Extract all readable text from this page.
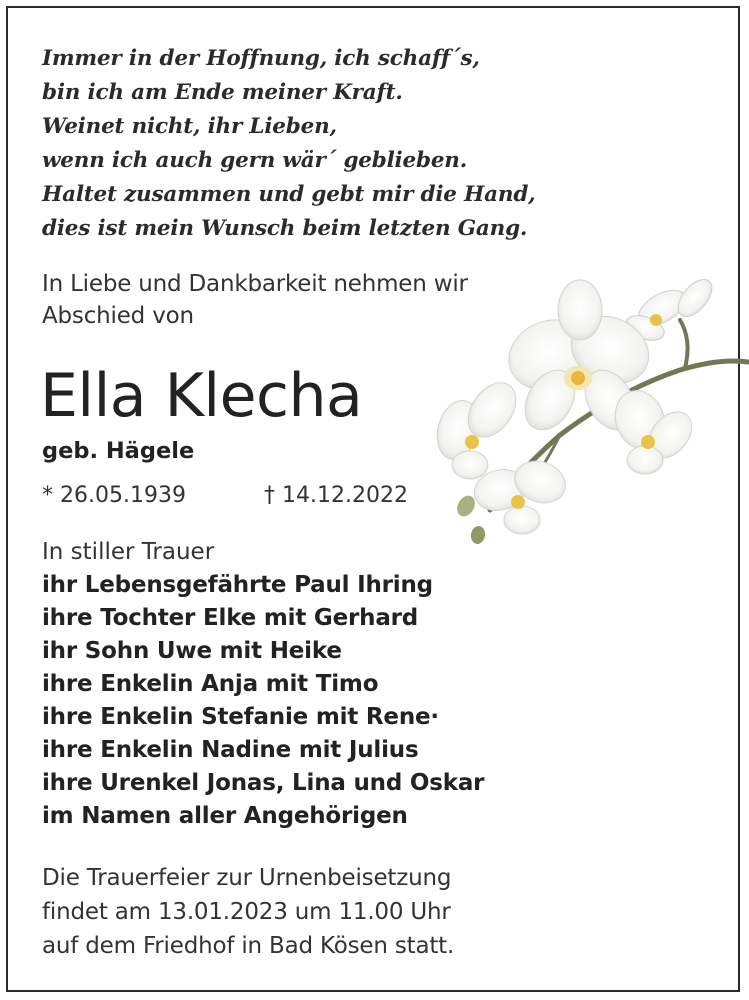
Immer in der Hoffnung, ich schaff´s,
bin ich am Ende meiner Kraft.
Weinet nicht, ihr Lieben,
wenn ich auch gern wär´ geblieben.
Haltet zusammen und gebt mir die Hand,
dies ist mein Wunsch beim letzten Gang.
In Liebe und Dankbarkeit nehmen wir
Abschied von
Ella Klecha
geb. Hägele
* 26.05.1939	† 14.12.2022
In stiller Trauer
ihr Lebensgefährte Paul Ihring
ihre Tochter Elke mit Gerhard
ihr Sohn Uwe mit Heike
ihre Enkelin Anja mit Timo
ihre Enkelin Stefanie mit Rene·
ihre Enkelin Nadine mit Julius
ihre Urenkel Jonas, Lina und Oskar
im Namen aller Angehörigen
Die Trauerfeier zur Urnenbeisetzung
findet am 13.01.2023 um 11.00 Uhr
auf dem Friedhof in Bad Kösen statt.
